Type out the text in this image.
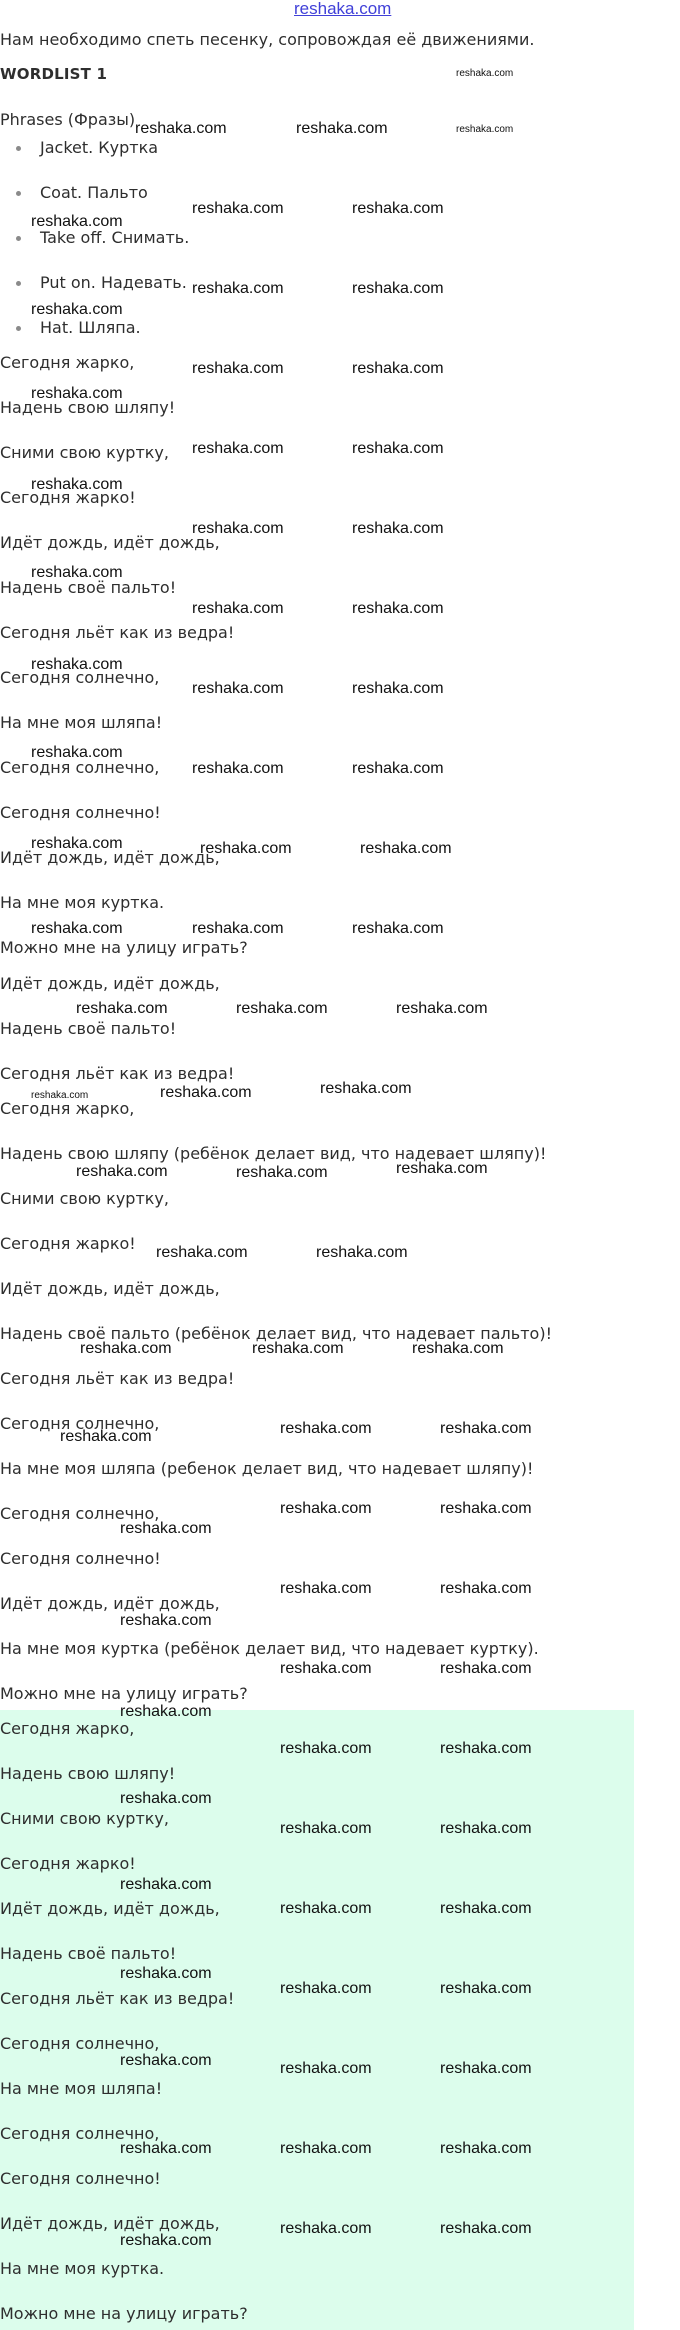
reshaka.com
Нам необходимо спеть песенку, сопровождая её движениями.
WORDLIST 1
Phrases (Фразы)
Jacket. Куртка
Coat. Пальто
Take off. Снимать.
Put on. Надевать.
Hat. Шляпа.
Сегодня жарко,
Надень свою шляпу!
Сними свою куртку,
Сегодня жарко!
Идёт дождь, идёт дождь,
Надень своё пальто!
Сегодня льёт как из ведра!
Сегодня солнечно,
На мне моя шляпа!
Сегодня солнечно,
Сегодня солнечно!
Идёт дождь, идёт дождь,
На мне моя куртка.
Можно мне на улицу играть?
Идёт дождь, идёт дождь,
Надень своё пальто!
Сегодня льёт как из ведра!
Сегодня жарко,
Надень свою шляпу (ребёнок делает вид, что надевает шляпу)!
Сними свою куртку,
Сегодня жарко!
Идёт дождь, идёт дождь,
Надень своё пальто (ребёнок делает вид, что надевает пальто)!
Сегодня льёт как из ведра!
Сегодня солнечно,
На мне моя шляпа (ребенок делает вид, что надевает шляпу)!
Сегодня солнечно,
Сегодня солнечно!
Идёт дождь, идёт дождь,
На мне моя куртка (ребёнок делает вид, что надевает куртку).
Можно мне на улицу играть?
Сегодня жарко,
Надень свою шляпу!
Сними свою куртку,
Сегодня жарко!
Идёт дождь, идёт дождь,
Надень своё пальто!
Сегодня льёт как из ведра!
Сегодня солнечно,
На мне моя шляпа!
Сегодня солнечно,
Сегодня солнечно!
Идёт дождь, идёт дождь,
На мне моя куртка.
Можно мне на улицу играть?
reshaka.com
reshaka.com	reshaka.com	reshaka.com
reshaka.com	reshaka.com
reshaka.com
reshaka.com	reshaka.com
reshaka.com
reshaka.com	reshaka.com
reshaka.com
reshaka.com	reshaka.com
reshaka.com
reshaka.com	reshaka.com
reshaka.com
reshaka.com	reshaka.com
reshaka.com
reshaka.com	reshaka.com
reshaka.com
reshaka.com	reshaka.com
reshaka.com	reshaka.com	reshaka.com
reshaka.com	reshaka.com	reshaka.com
reshaka.com	reshaka.com	reshaka.com
reshaka.com	reshaka.com	reshaka.com
reshaka.com	reshaka.com	reshaka.com
reshaka.com	reshaka.com
reshaka.com	reshaka.com	reshaka.com
reshaka.com	reshaka.com	reshaka.com
reshaka.com
reshaka.com	reshaka.com
reshaka.com
reshaka.com	reshaka.com
reshaka.com	reshaka.com
reshaka.com
reshaka.com	reshaka.com
reshaka.com
reshaka.com	reshaka.com
reshaka.com
reshaka.com	reshaka.com
reshaka.com
reshaka.com	reshaka.com
reshaka.com	reshaka.com	reshaka.com
reshaka.com	reshaka.com	reshaka.com
reshaka.com
reshaka.com	reshaka.com
